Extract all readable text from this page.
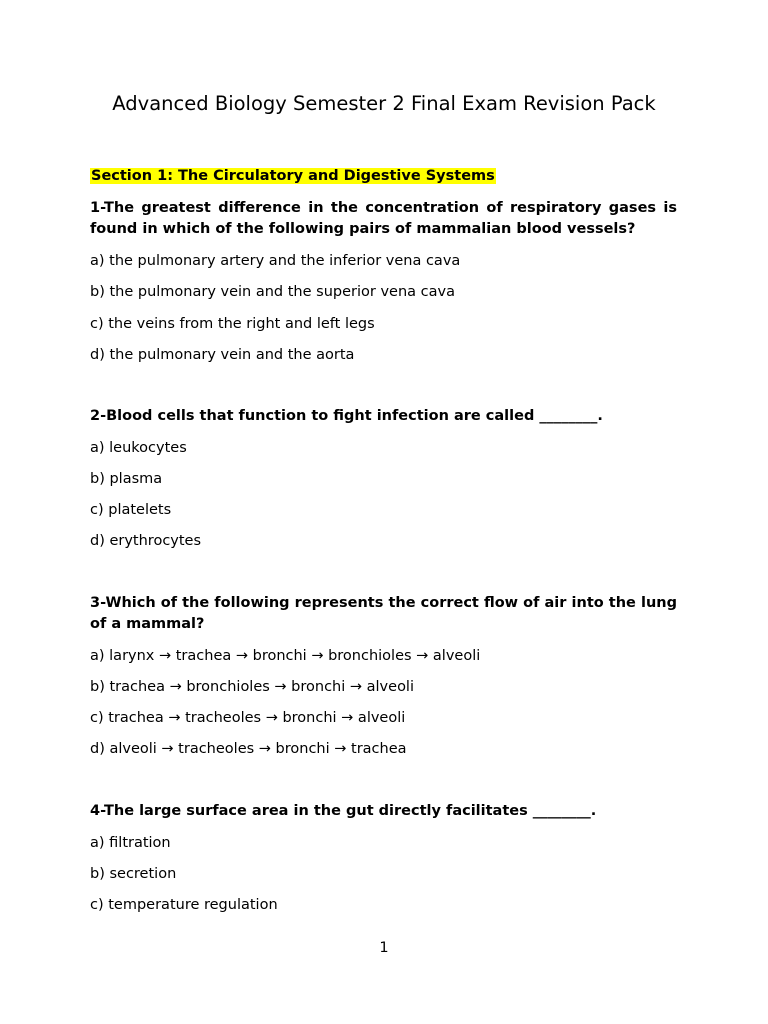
Advanced Biology Semester 2 Final Exam Revision Pack

Section 1: The Circulatory and Digestive Systems

1-The greatest difference in the concentration of respiratory gases is found in which of the following pairs of mammalian blood vessels?

a) the pulmonary artery and the inferior vena cava

b) the pulmonary vein and the superior vena cava

c) the veins from the right and left legs

d) the pulmonary vein and the aorta

2-Blood cells that function to fight infection are called ________.

a) leukocytes

b) plasma

c) platelets

d) erythrocytes

3-Which of the following represents the correct flow of air into the lung of a mammal?

a) larynx → trachea → bronchi → bronchioles → alveoli

b) trachea → bronchioles → bronchi → alveoli

c) trachea → tracheoles → bronchi → alveoli

d) alveoli → tracheoles → bronchi → trachea

4-The large surface area in the gut directly facilitates ________.

a) filtration

b) secretion

c) temperature regulation

1
